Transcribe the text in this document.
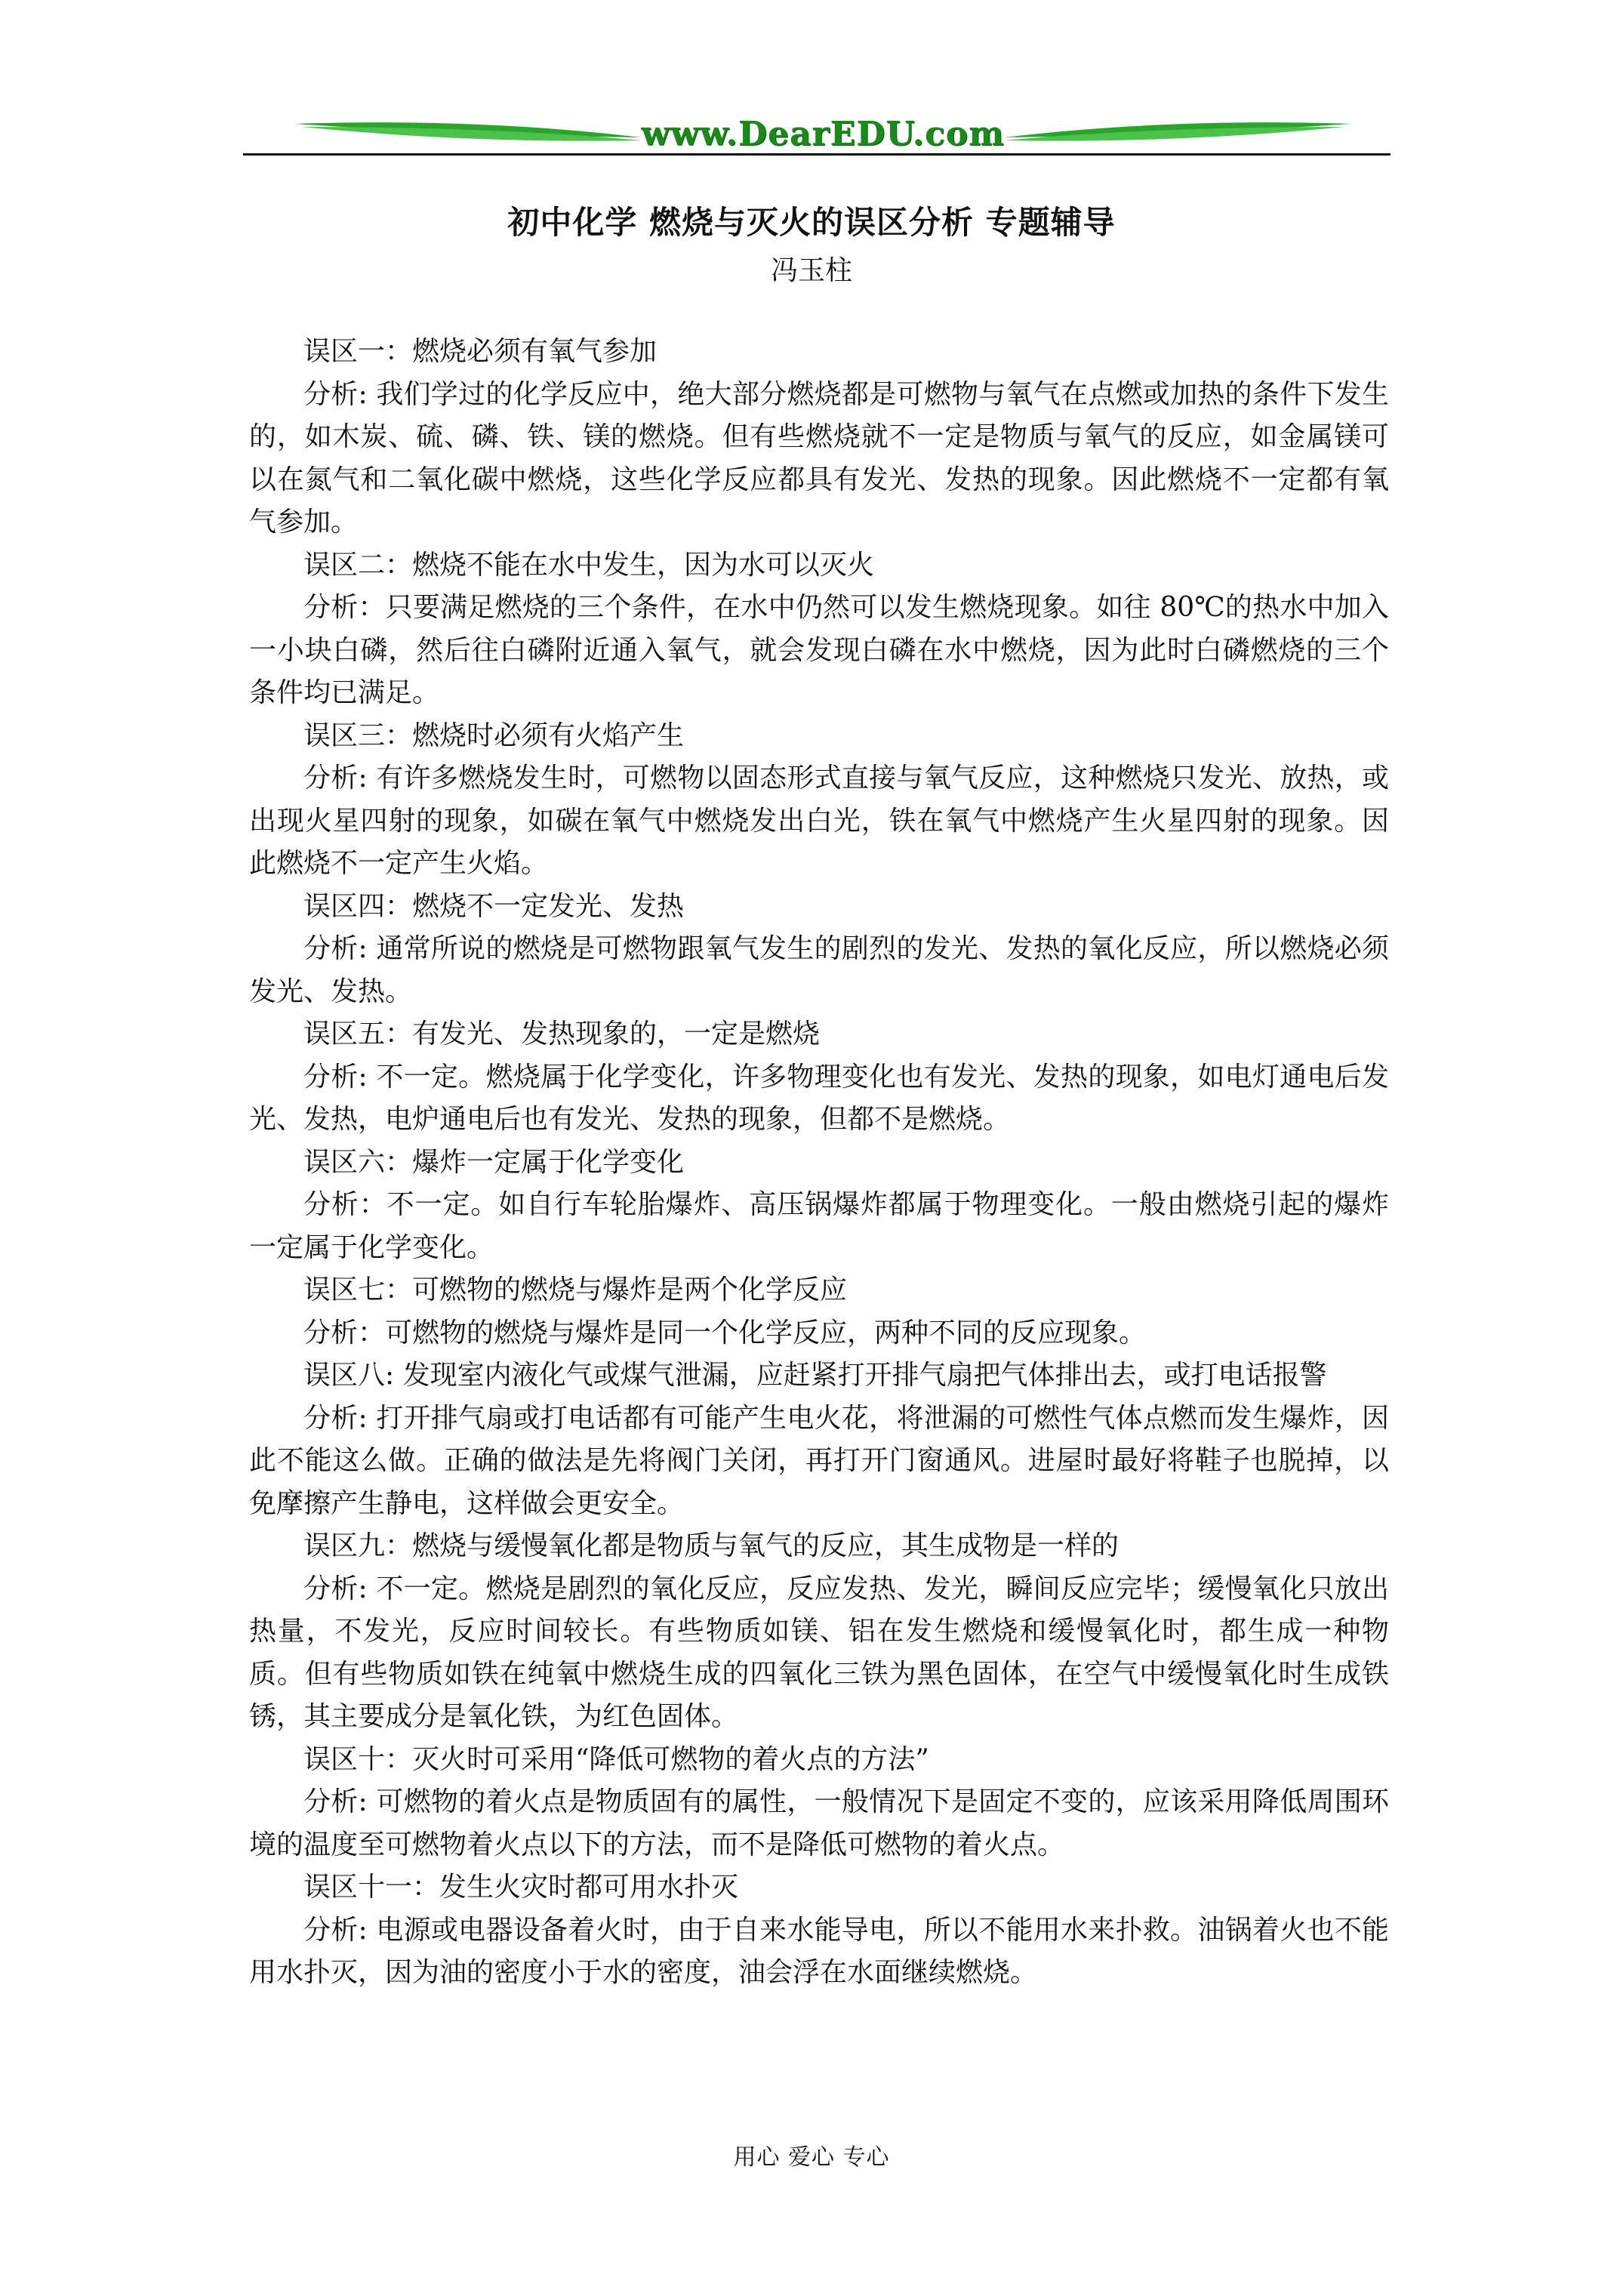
www.DearEDU.com
初中化学 燃烧与灭火的误区分析 专题辅导
冯玉柱

误区一：燃烧必须有氧气参加

分析: 我们学过的化学反应中，绝大部分燃烧都是可燃物与氧气在点燃或加热的条件下发生的，如木炭、硫、磷、铁、镁的燃烧。但有些燃烧就不一定是物质与氧气的反应，如金属镁可以在氮气和二氧化碳中燃烧，这些化学反应都具有发光、发热的现象。因此燃烧不一定都有氧气参加。

误区二：燃烧不能在水中发生，因为水可以灭火

分析：只要满足燃烧的三个条件，在水中仍然可以发生燃烧现象。如往 80℃的热水中加入一小块白磷，然后往白磷附近通入氧气，就会发现白磷在水中燃烧，因为此时白磷燃烧的三个条件均已满足。

误区三：燃烧时必须有火焰产生

分析: 有许多燃烧发生时，可燃物以固态形式直接与氧气反应，这种燃烧只发光、放热，或出现火星四射的现象，如碳在氧气中燃烧发出白光，铁在氧气中燃烧产生火星四射的现象。因此燃烧不一定产生火焰。

误区四：燃烧不一定发光、发热

分析: 通常所说的燃烧是可燃物跟氧气发生的剧烈的发光、发热的氧化反应，所以燃烧必须发光、发热。

误区五：有发光、发热现象的，一定是燃烧

分析: 不一定。燃烧属于化学变化，许多物理变化也有发光、发热的现象，如电灯通电后发光、发热，电炉通电后也有发光、发热的现象，但都不是燃烧。

误区六：爆炸一定属于化学变化

分析：不一定。如自行车轮胎爆炸、高压锅爆炸都属于物理变化。一般由燃烧引起的爆炸一定属于化学变化。

误区七：可燃物的燃烧与爆炸是两个化学反应

分析：可燃物的燃烧与爆炸是同一个化学反应，两种不同的反应现象。

误区八: 发现室内液化气或煤气泄漏，应赶紧打开排气扇把气体排出去，或打电话报警

分析: 打开排气扇或打电话都有可能产生电火花，将泄漏的可燃性气体点燃而发生爆炸，因此不能这么做。正确的做法是先将阀门关闭，再打开门窗通风。进屋时最好将鞋子也脱掉，以免摩擦产生静电，这样做会更安全。

误区九：燃烧与缓慢氧化都是物质与氧气的反应，其生成物是一样的

分析: 不一定。燃烧是剧烈的氧化反应，反应发热、发光，瞬间反应完毕；缓慢氧化只放出热量，不发光，反应时间较长。有些物质如镁、铝在发生燃烧和缓慢氧化时，都生成一种物质。但有些物质如铁在纯氧中燃烧生成的四氧化三铁为黑色固体，在空气中缓慢氧化时生成铁锈，其主要成分是氧化铁，为红色固体。

误区十：灭火时可采用“降低可燃物的着火点的方法”

分析: 可燃物的着火点是物质固有的属性，一般情况下是固定不变的，应该采用降低周围环境的温度至可燃物着火点以下的方法，而不是降低可燃物的着火点。

误区十一：发生火灾时都可用水扑灭

分析: 电源或电器设备着火时，由于自来水能导电，所以不能用水来扑救。油锅着火也不能用水扑灭，因为油的密度小于水的密度，油会浮在水面继续燃烧。

用心 爱心 专心
